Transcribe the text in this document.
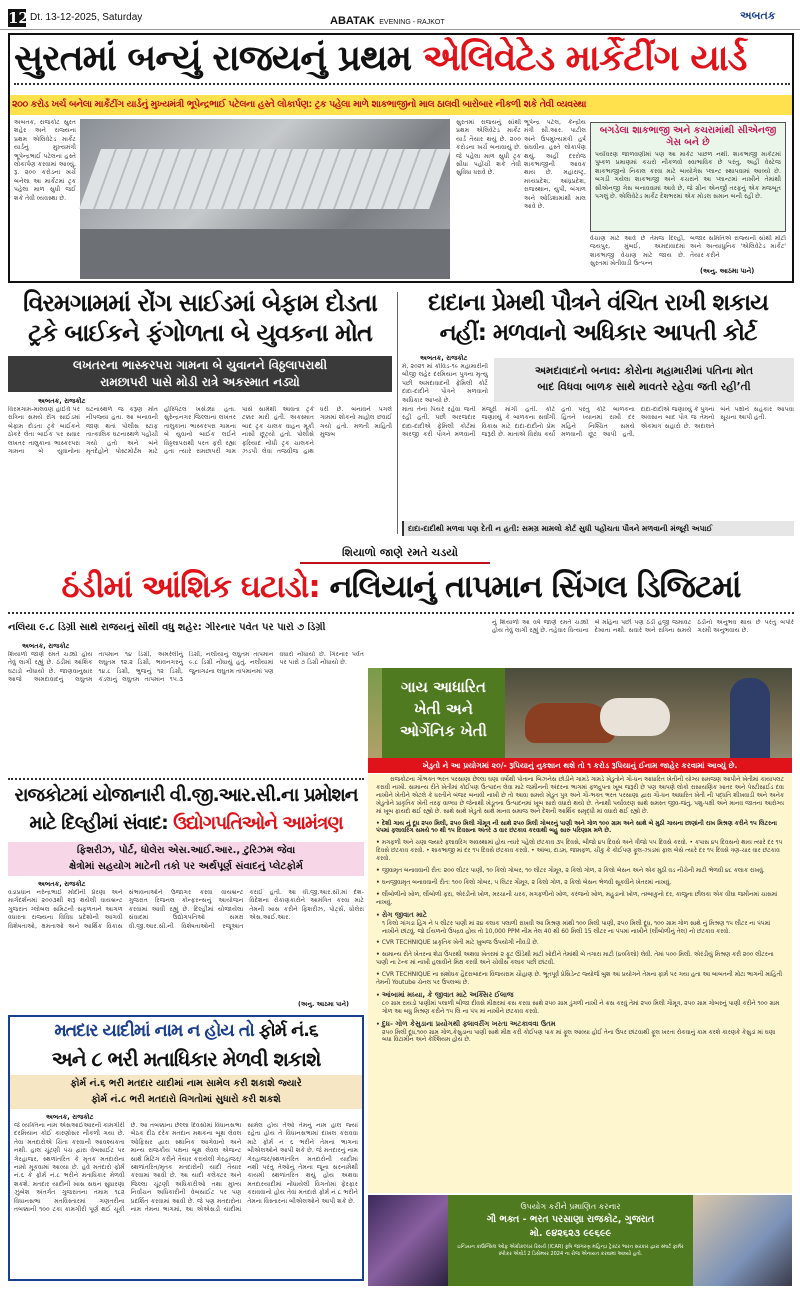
12 Dt. 13-12-2025, Saturday	ABATAK EVENING - RAJKOT
અબતક
સુરતમાં બન્યું રાજયનું પ્રથમ એલિવેટેડ માર્કેટીંગ યાર્ડ
૨૦૦ કરોડ ખર્ચ બનેલા માર્કેટીંગ યાર્ડનું મુખ્યમંત્રી ભૂપેન્દ્રભાઈ પટેલના હસ્તે લોકાર્પણ: ટ્રક પહેલા માળે શાકભાજીનો માલ ઠાલવી બારોબાર નીકળી શકે તેવી વ્યવસ્થા
અબતક, રાજકોટ સુરત શહેર અને રાજ્યના પ્રથમ એલિવેટેડ માર્કેટ યાર્ડનું મુખ્યમંત્રી ભૂપેન્દ્રભાઈ પટેલના હસ્તે લોકાર્પણ કરવામાં આવ્યું. રૂ. ૨૦૦ કરોડના ખર્ચે બનેલા આ માર્કેટમાં ટ્રક પહેલા માળ સુધી જઈ શકે તેવી વ્યવસ્થા છે.
સુરતમાં રાજયનું સૌથી પ્રથમ એલિવેટેડ માર્કેટ યાર્ડ તૈયાર થયું છે. ૨૦૦ કરોડના ખર્ચે બનાવાયું છે. જે પહેલા માળ સુધી ટ્રક સીધા પહોંચી શકે તેવી સુવિધા ધરાવે છે.
ભૂપેન્દ્ર પટેલ, કેન્દ્રીય મંત્રી સી.આર. પાટીલ અને ઉપમુખ્યમંત્રી હર્ષ સંઘવીના હસ્તે લોકાર્પણ થયું. અહીં દરરોજ શાકભાજીની આવક થાય છે. મહારાષ્ટ્ર, મધ્યપ્રદેશ, આંધ્રપ્રદેશ, રાજસ્થાન, યુપી, બંગાળ અને ઓડિશામાંથી માલ આવે છે.
બગડેલા શાકભાજી અને કચરામાંથી સીએનજી ગેસ બને છે
પર્યાવરણ જાળવણીમાં પણ આ માર્કેટ પાછળ નથી. શાકભાજી માર્કેટમાં પુષ્કળ પ્રમાણમાં કચરો નીકળવો સ્વાભાવિક છે પરંતુ, અહીં વેસ્ટેજ શાકભાજીનો નિકાલ કરવા માટે બાયોગેસ પ્લાન્ટ સ્થાપવામાં આવ્યો છે. બગડી ગયેલા શાકભાજી અને કચરાને આ પ્લાન્ટમાં નાખીને તેમાંથી સીએનજી ગેસ બનાવવામાં આવે છે, જે ગ્રીન એનર્જી તરફનું એક મજબૂત પગલું છે. એલિવેટેડ માર્કેટ દેશભરમાં એક મોડલ સમાન બની રહી છે.
વેચાણ માટે આવે છે તેમજ દિલ્હી, જયપુર, મુંબઈ, અમદાવાદમાં શાકભાજી વેચાણ માટે જાય છે. સુરતમાં ખેતીવાડી ઉત્પન્ન
બજાર સમિતિએ રાજ્યની સૌથી મોટી અને અત્યાધુનિક 'એલિવેટેડ માર્કેટ' તૈયાર કરીને
(અનુ. આઠમા પાને)
વિરમગામમાં રોંગ સાઈડમાં બેફામ દોડતા
ટ્રકે બાઈકને ફંગોળતા બે યુવકના મોત
લખતરના ભાસ્કરપરા ગામના બે યુવાનને વિઠ્ઠલાપરાથી
રામછાપરી પાસે મોડી રાત્રે અકસ્માત નડ્યો
અબતક, રાજકોટ
વિરમગામ-માલવણ હાઈવે પર રાત્રિના સમયે રોંગ સાઈડમાં બેફામ દોડતા ટ્રકે બાઈકને ઠોકરે લેતા બાઈક પર સવાર લખતર તાલુકાના ભાસ્કરપરા ગામના બે યુવાનોના ઘટનાસ્થળે જ કરૂણ મોત નીપજ્યા હતા. આ બનાવની જાણ થતાં પોલીસ સ્ટાફ તાત્કાલિક ઘટનાસ્થળે પહોંચી ગયો હતો અને બંને મૃતદેહોને પોસ્ટમોર્ટમ માટે હોસ્પિટલ ખસેડ્યા હતા. સુરેન્દ્રનગર જિલ્લાના લખતર તાલુકાના ભાસ્કરપરા ગામના બે યુવાનો બાઈક લઈને વિઠ્ઠલાપરાથી પરત ફરી રહ્યા હતા ત્યારે રામછાપરી ગામ પાસે સામેથી આવતા ટ્રકે ટક્કર મારી હતી. અકસ્માત બાદ ટ્રક ચાલક વાહન મૂકી નાસી છૂટ્યો હતો. પોલીસે ફરિયાદ નોંધી ટ્રક ચાલકને ઝડપી લેવા તજવીજ હાથ ધરી છે. બનાવને પગલે ગામમાં શોકનો માહોલ છવાઈ ગયો હતો. મળતી માહિતી મુજબ
દાદાના પ્રેમથી પૌત્રને વંચિત રાખી શકાય
નહીં: મળવાનો અધિકાર આપતી કોર્ટ
અબતક, રાજકોટ
મે, ૨૦૨૧ માં કોવિડ-૧૯ મહામારીની બીજી લહેર દરમિયાન પુત્રના મૃત્યુ પછી અમદાવાદની ફેમિલી કોર્ટે દાદા-દાદીને પૌત્રને મળવાનો અધિકાર આપ્યો છે.
અમદાવાદનો બનાવ: કોરોના મહામારીમાં પતિના મોત
બાદ વિધવા બાળક સાથે માવતરે રહેવા જતી રહી’તી
માતા તેના પિયરે રહેવા જતી રહી હતી. પછી અરજદાર દાદા-દાદીએ ફેમિલી કોર્ટમાં અરજી કરી પૌત્રને મળવાની મંજૂરી માંગી હતી. કોર્ટે જણાવ્યું કે બાળકના સર્વાંગી વિકાસ માટે દાદા-દાદીનો પ્રેમ જરૂરી છે. માતાએ વિરોધ કર્યો હતો પરંતુ કોર્ટે બાળકના હિતને ધ્યાનમાં રાખી દર મહિને નિશ્ચિત સમયે મળવાની છૂટ આપી હતી. દાદા-દાદીએ જણાવ્યું કે પુત્રના અવસાન બાદ પૌત્ર જ તેમનો એકમાત્ર સહારો છે. અદાલતે બંને પક્ષોને સહકાર આપવા સૂચના આપી હતી.
દાદા-દાદીથી મળવા પણ દેતી ન હતી: સમગ્ર મામલો કોર્ટ સુધી પહોંચતા પૌત્રને મળવાની મંજૂરી અપાઈ
શિયાળો જાણે રમતે ચડયો
ઠંડીમાં આંશિક ઘટાડો: નલિયાનું તાપમાન સિંગલ ડિજિટમાં
નલિયા ૯.૮ ડિગ્રી સાથે રાજયનું સૌથી વધુ શહેર: ગીરનાર પર્વત પર પારો ૭ ડિગ્રી	નું શિયાળો આ વર્ષે જાણે રમતે ચડ્યો હોય તેવું લાગી રહ્યું છે. તહેવાર વિત્યાના બે મહિના પછી પણ ઠંડી હજી જમાવટ દેખાતા નથી. સવારે અને રાત્રિના સમયે ઠંડીનો અનુભવ થાય છે પરંતુ બપોરે ગરમી અનુભવાય છે.
અબતક, રાજકોટ
શિયાળો જાણે રમતે ચડ્યો હોય તેવું લાગી રહ્યું છે. ઠંડીમાં આંશિક ઘટાડો નોંધાયો છે. જાણવાનુસાર આજે અમદાવાદનું લઘુતમ તાપમાન ૧૪ ડિગ્રી, અમરેલીનું લઘુતમ ૧૨.૨ ડિગ્રી, ભાવનગરનું ૧૪.૮ ડિગ્રી, ભુજનું ૧૨ ડિગ્રી, કંડલાનું લઘુતમ તાપમાન ૧૫.૩ ડિગ્રી, નલીયાનું લઘુતમ તાપમાન ૯.૮ ડિગ્રી નોંધાયું હતું. નલીયામાં જુનાગઢના લઘુતમ તાપમાનમાં પણ વધારો નોંધાયો છે. ગિરનાર પર્વત પર પારો ૭ ડિગ્રી નોંધાયો છે.
ગાય આધારિત ખેતી અને ઓર્ગેનિક ખેતી
ખેડુતો ને આ પ્રયોગમાં ૨૦/- રૂપિયાનું નુકશાન થશે તો ૧ કરોડ રૂપિયાનું ઈનામ જાહેર કરવામાં આવ્યું છે.
રાજકોટના ગૌભક્ત ભરત પરસાણા છેલ્લા ઘણા વર્ષોથી પોતાના બિઝનેસ છોડીને ગામડે ગામડે ખેડુતોને ગૌ-ધન આધારિત ખેતીની યોગ્ય સમજણ આપીને ખેતીમાં કાયાપલટ કરાવી નાખી. સામાન્ય રીતે ખેતીમાં કોઈપણ ઉત્પાદન લેવા માટે જમીનની અંદરના ભાગમાં ફળદ્રુપતા ખૂબ જરૂરી છે પણ આપણે લોકો રાસાયણિક ખાતર અને પેસ્ટીસાઈડ દવા નાખીને ખેતીને એટલે કે ધરતીને બંજર બનાવી નાખી છે તો આવા સમયે ખેડુત પુત્ર અને ગૌ-ભક્ત ભરત પરસાણા દ્વારા ગૌ-ધન આધારિત ખેતી ની પદ્ધતિ શીખવાડી અને અનેક ખેડુતોને પ્રાકૃતિક ખેતી તરફ વાળ્યા છે જેનાથી ખેડૂતના ઉત્પાદનમાં ખૂબ સારો વધારો થયો છે. તેનાથી પર્યાવરણ સાથે સમસ્ત જીવ-જંતુ, પશુ-પક્ષી અને માનવ જાતના આરોગ્ય માં ખૂબ ફાયદો થઈ રહ્યો છે. સાથે સાથે ખેડુતો સાથે માનવ સમાજ અને દેશની આર્થિક સમૃદ્ધી માં વધારો થઈ રહ્યો છે.
• દેશી ગાય નું દૂધ ૨૫૦ મિલી, ૨૫૦ મિલી ગૌમૂત્ર ની સાથે ૨૫૦ મિલી ગોબરનું પાણી અને ગોળ ૧૦૦ ગ્રામ અને સાથે બે મુઠી ગાયના છાણાંની રાખ મિશ્રણ કરીને ૧૫ લિટરના પંપમાં ફ્લાવરિંગ સમયે ૧૦ થી ૧૫ દિવસના અંતરે ૩ વાર છંટકાવ કરવાથી બહુ સારું પરિણામ મળે છે.
• મગફળી અને ચણા જ્યારે ફ્લાવરિંગ અવસ્થામાં હોય ત્યારે પહેલો છંટકાવ ૩૫ દિવસે, બીજો ૪૫ દિવસે અને ત્રીજો ૫૫ દિવસે કરવો. • કપાસ ૪૫ દિવસનો થાય ત્યારે દર ૧૫ દિવસે છંટકાવ કરવો. • શાકભાજી માં દર ૧૫ દિવસે છંટકાવ કરવો. • આંબા, દાડમ, જામફળ, ચીકુ કે કોઈપણ ફૂલ-ઝાડમાં ફાલ બેસે ત્યારે દર ૧૫ દિવસે ત્રણ-ચાર વાર છંટકાવ કરવો.
• જીવામૃત બનાવવાની રીત: ૨૦૦ લીટર પાણી, ૧૦ કિલો ગોબર, ૧૦ લીટર ગૌમૂત્ર, ૨ કિલો ગોળ, ૨ કિલો બેસન અને એક મુઠી વડ નીચેની માટી ભેળવી ૪૮ કલાક રાખવું.
• ઘનજીવામૃત બનાવવાની રીત: ૧૦૦ કિલો ગોબર, ૫ લિટર ગૌમૂત્ર, ૨ કિલો ગોળ, ૨ કિલો બેસન ભેળવી સૂકવીને ખેતરમાં નાખવું.
• લીંબોળીનો ખોળ, લીંબોળી ફરા, એરંડીનો ખોળ, મરચાની ચરક, મગફળીનો ખોળ, કરંજનો ખોળ, મહુડાનો ખોળ, તમ્બાકુનો દર, કાજુના છીલકા એક વીઘા જમીનમાં ચાસમાં નાખવું.
• રોગ જીવાત માટે
૧ કિલો ગાંગડા હિંગ ને ૫ લીટર પાણી માં ૨૪ કલાક પલાળી રાખવી આ મિશ્રણ માંથી ૧૦૦ મિલી પાણી, ૨૫૦ મિલી દૂધ, ૧૦૦ ગ્રામ ગોળ સાથે નું મિશ્રણ ૧૫ લીટર ના પંપમાં નાખીને છાંટવું. જો ઈયળનો ઉપદ્રવ હોય તો 10,000 PPM નીમ તેલ 40 થી 60 મિલી 15 લીટર ના પંપમાં નાખીને (લીંબોળીનું તેલ) નો છંટકાવ કરવો.
• CVR TECHNIQUE પ્રાકૃતિક ખેતી માટે ખુબજ ઉપયોગી નીવડી છે.
• સામાન્ય રીતે ખેતરના શેઢા ઉપરથી અથવા ખેતરમાં ૨ ફૂટ ઊંડેથી માટી ખોદીને તેમાંથી બે તગારા માટી (૪૦કિલો) લેવી. તેમાં ૫૦૦ મિલી. એરંડીયું મિશ્રણ કરી ૨૦૦ લીટરના પાણી ના ટેન્ક માં નાખી હલાવીને મિક્ષ કરવી અને ચોવીસ કલાક પછી છાંટવી.
• CVR TECHNIQUE ના સંશોધક હૈદરાબાદના વિજયરામ ચૌહાણ છે. ભૂતપૂર્વ પ્રેસિડેન્ટ જ્યોર્જ બુશ આ પ્રયોગને તેમના ફાર્મ પર ગયા હતા આ બાબતની મોટા ભાગની માહિતી તેમની Youtube ચેનલ પર ઉપલબ્ધ છે.
• આંબામાં મધ્યા, કે જીવાત માટે અક્સિર ઈલાજ
૮૦ ગ્રામ રાયડો પાણીમાં પલાળી બીજા દીવસે મીક્ષરમાં ક્રસ કરવા સાથે ૨૫૦ ગ્રામ ડુંગળી નાખી ને ક્રસ કરવું તેમાં ૨૫૦ મિલી ગૌમૂત્ર, ૨૫૦ ગ્રામ ગોબરનું પાણી કરીને ૧૦૦ ગ્રામ ગોળ આ બધુ મિશ્રણ કરીને ૧૫ લિ ના પંપ માં નાખીને છટકાવ કરવો.
• દુધ- ગોળ કેસુડાના પ્રયોગથી ફ્લાવરીંગ ખરતા અટકાવવા ઉતમ
૨૫૦ મિલી દૂધ,૧૦૦ ગ્રામ ગોળ,કેસુડાના પાણી સાથે મીક્ષ કરી કોઈપણ પાક માં ફૂલ આવ્યા હોઈ તેના ઉપર છાંટવાથી ફૂલ ખરતા રોકવાનું કામ કરશે કારણકે કેસુડાં માં ઘણા બધા વિટામીન અને કેલ્શિયમ હોય છે.
ઉપયોગ કરીને પ્રમાણિત કરનાર
ગૌ ભક્ત - ભરત પરસાણા રાજકોટ, ગુજરાત
મો. ૯૪૨૬૨૩ ૯૯૬૯૯
ઇન્ડિયન કાઉન્સિલ ઓફ એગ્રીકલ્ચર રિસર્ચ (ICAR) કૃષિ જાગરણ મહિન્દ્રા ટ્રેક્ટર ભારત સરકાર દ્વારા સ્માર્ટ ફાર્મર સ્પીકર એવોર્ડ 2 ડિસેમ્બર 2024 ના રોજ એનાયત કરવામાં આવ્યો હતો.
રાજકોટમાં યોજાનારી વી.જી.આર.સી.ના પ્રમોશન
માટે દિલ્હીમાં સંવાદ: ઉદ્યોગપતિઓને આમંત્રણ
ફિશરીઝ, પોર્ટ, ધોલેરા એસ.આઈ.આર., ટુરિઝમ જેવા
ક્ષેત્રોમાં સહયોગ માટેની તકો પર અર્થપૂર્ણ સંવાદનું પ્લેટફોર્મ
અબતક, રાજકોટ
વડાપ્રધાન નરેન્દ્રભાઈ મોદીની પ્રેરણા અને માર્ગદર્શનમાં ૨૦૦૩થી શરૂ થયેલી વાયબ્રન્ટ ગુજરાત ગ્લોબલ સમિટની સફળતાને આગળ વધારતા રાજ્યના વિવિધ પ્રદેશોની આગવી વિશેષતાઓ, ક્ષમતાઓ અને આર્થિક વિકાસ સંભાવનાઓને ઉજાગર કરવા વાયબ્રન્ટ ગુજરાત રિજનલ કોન્ફરન્સનું આયોજન કરવામાં આવી રહ્યું છે. દિલ્હીમાં યોજાયેલા સંવાદમાં ઉદ્યોગપતિઓ સમક્ષ વી.જી.આર.સી.ની વિશેષતાઓની રજૂઆત કરાઈ હતી. આ વી.જી.આર.સી.માં દેશ-વિદેશના રોકાણકારોને આમંત્રિત કરવા માટે તેમની ખાસ કરીને ફિશરીઝ, પોર્ટ્સ, ધોલેરા એસ.આઈ.આર.
(અનુ. આઠમા પાને)
મતદાર યાદીમાં નામ ન હોય તો ફોર્મ નં.૬
અને ૮ ભરી મતાધિકાર મેળવી શકાશે
ફોર્મ નં.૬ ભરી મતદાર યાદીમાં નામ સામેલ કરી શકાશે જ્યારે
ફોર્મ નં.૮ ભરી મતદારો વિગતોમાં સુધારો કરી શકશે
અબતક, રાજકોટ
જે વ્યક્તિના નામ એસઆઈઆરની કામગીરી દરમિયાન કોઈ કારણોસર નીકળી ગયા છે. તેવા મતદારોએ ચિંતા કરવાની આવશ્યકતા નથી. હાલ ચૂંટણી પંચ દ્વારા વેબસાઈટ પર ગેરહાજર, સ્થળાંતરિત કે મૃતક મતદારોના નામો મૂકવામાં આવ્યા છે. હવે મતદારો ફોર્મ નં.૬ કે ફોર્મ નં.૮ ભરીને મતાધિકાર મેળવી શકશે. મતદાર યાદીની ખાસ સઘન સુધારણા ઝુંબેશ અંતર્ગત ગુજરાતના તમામ ૧૮૨ વિધાનસભા મતવિસ્તારમાં ગણતરીના તબક્કાની ૧૦૦ ટકા કામગીરી પૂર્ણ થઈ ચૂકી છે. આ તબક્કાના છેલ્લા દિવસોમાં વિધાનસભા બેઠક દીઠ દરેક મતદાન મથકના બૂથ લેવલ ઓફિસર દ્વારા સ્થાનિક આગેવાનો અને માન્ય રાજકીય પક્ષના બૂથ લેવલ એજન્ટ સાથે મિટિંગ કરીને તૈયાર કરાયેલી ગેરહાજર/સ્થળાંતરિત/મૃતક મતદારોની યાદી તૈયાર કરવામાં આવી છે. આ યાદી કલેક્ટર અને જિલ્લા ચૂંટણી અધિકારીઓ તથા મુખ્ય નિર્વાચન અધિકારીની વેબસાઈટ પર પણ પ્રદર્શિત કરવામાં આવી છે. જે પણ મતદારોના નામ તેમના ભાગમાં, આ એએસડી યાદીમાં સામેલ હોય તેઓ તેમનું નામ હાલ જ્યાં રહેતા હોય તે વિધાનસભામાં દાખલ કરાવવા માટે ફોર્મ નં ૬ ભરીને તેમના ભાગના બીએલઓને આપી શકે છે. જે મતદારનું નામ ગેરહાજર/સ્થળાંતરિત મતદારોની યાદીમાં નથી પરંતુ તેઓનું તેમના જૂના સરનામેથી કાયમી સ્થળાંતરિત થયું હોય અથવા મતદારયાદીમાં નોંધાયેલી વિગતોમાં ફેરફાર કરાવવાનો હોય તેવા મતદારો ફોર્મ નં ૮ ભરીને તેમના વિસ્તારના બીએલઓને આપી શકે છે.
